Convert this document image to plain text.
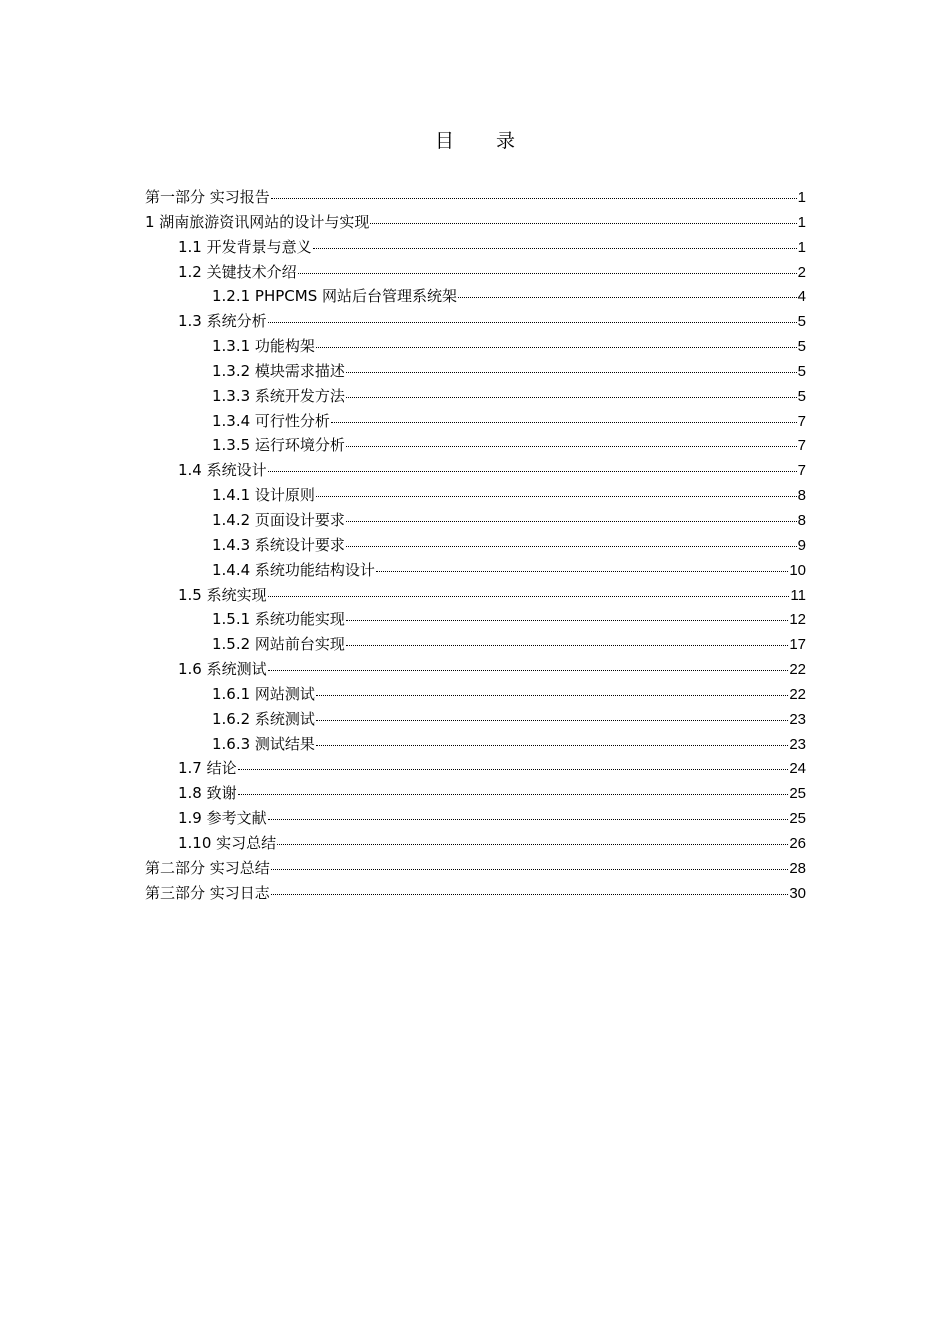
目 录
第一部分 实习报告	1
1 湖南旅游资讯网站的设计与实现	1
1.1 开发背景与意义	1
1.2 关键技术介绍	2
1.2.1 PHPCMS 网站后台管理系统架	4
1.3 系统分析	5
1.3.1 功能构架	5
1.3.2 模块需求描述	5
1.3.3 系统开发方法	5
1.3.4 可行性分析	7
1.3.5 运行环境分析	7
1.4 系统设计	7
1.4.1 设计原则	8
1.4.2 页面设计要求	8
1.4.3 系统设计要求	9
1.4.4 系统功能结构设计	10
1.5 系统实现	11
1.5.1 系统功能实现	12
1.5.2 网站前台实现	17
1.6 系统测试	22
1.6.1 网站测试	22
1.6.2 系统测试	23
1.6.3 测试结果	23
1.7 结论	24
1.8 致谢	25
1.9 参考文献	25
1.10 实习总结	26
第二部分 实习总结	28
第三部分 实习日志	30
